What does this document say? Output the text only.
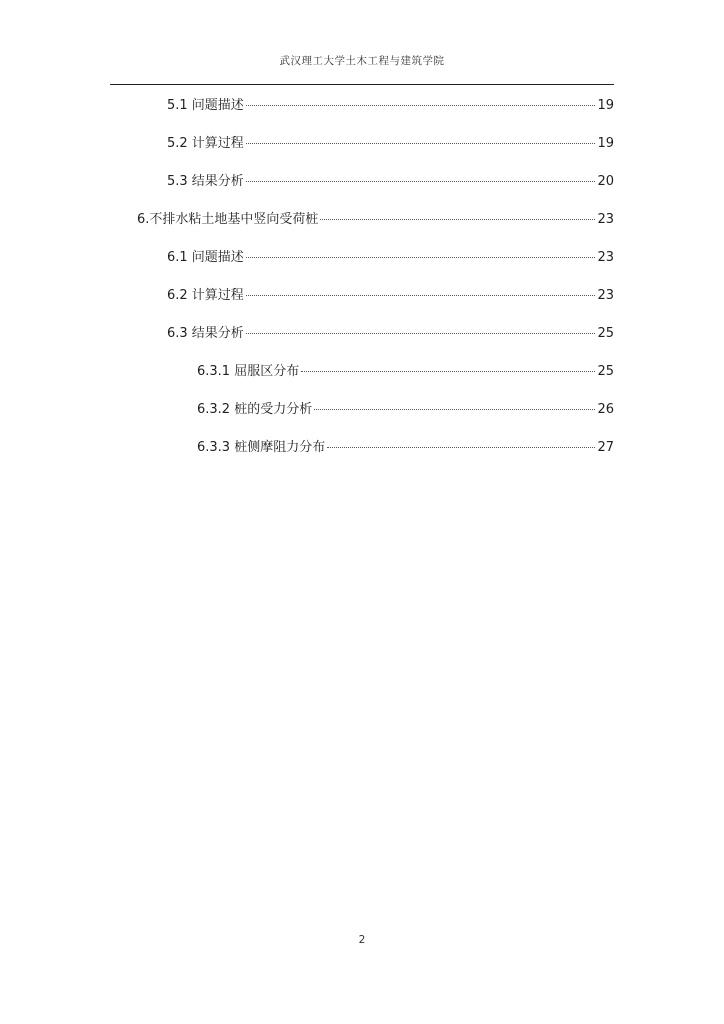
武汉理工大学土木工程与建筑学院
5.1 问题描述	19
5.2 计算过程	19
5.3 结果分析	20
6.不排水粘土地基中竖向受荷桩	23
6.1 问题描述	23
6.2 计算过程	23
6.3 结果分析	25
6.3.1 屈服区分布	25
6.3.2 桩的受力分析	26
6.3.3 桩侧摩阻力分布	27
2
